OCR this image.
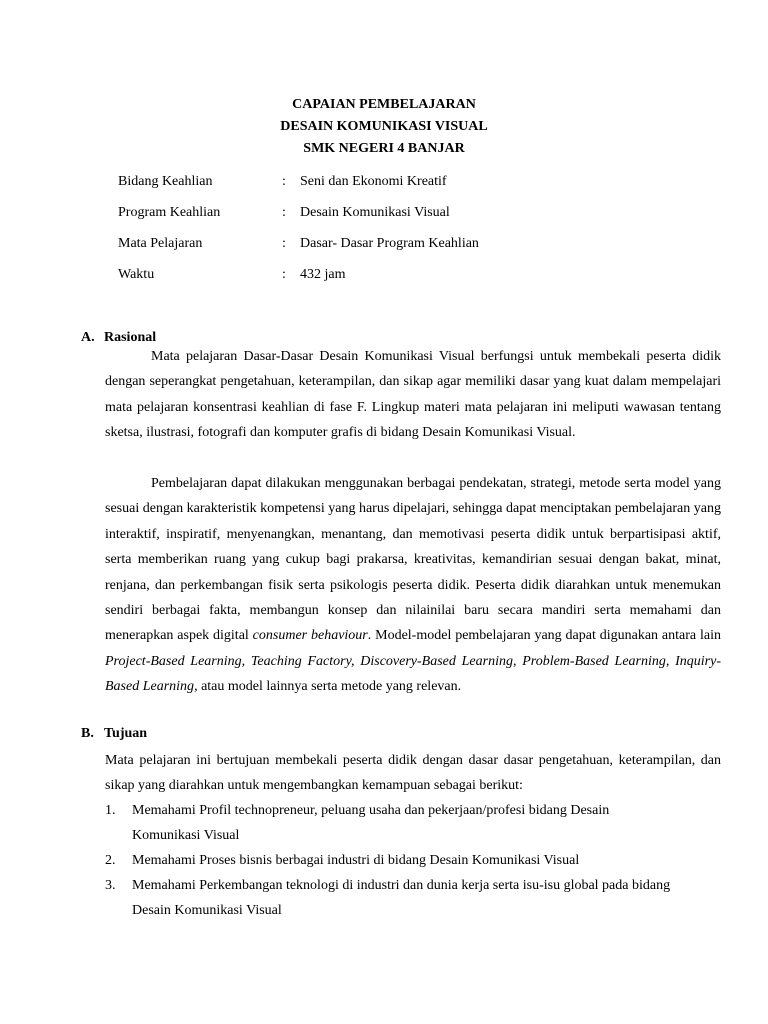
CAPAIAN PEMBELAJARAN
DESAIN KOMUNIKASI VISUAL
SMK NEGERI 4 BANJAR
Bidang Keahlian	: Seni dan Ekonomi Kreatif
Program Keahlian	: Desain Komunikasi Visual
Mata Pelajaran	: Dasar- Dasar Program Keahlian
Waktu	: 432 jam
A. Rasional
Mata pelajaran Dasar-Dasar Desain Komunikasi Visual berfungsi untuk membekali peserta didik dengan seperangkat pengetahuan, keterampilan, dan sikap agar memiliki dasar yang kuat dalam mempelajari mata pelajaran konsentrasi keahlian di fase F. Lingkup materi mata pelajaran ini meliputi wawasan tentang sketsa, ilustrasi, fotografi dan komputer grafis di bidang Desain Komunikasi Visual.
Pembelajaran dapat dilakukan menggunakan berbagai pendekatan, strategi, metode serta model yang sesuai dengan karakteristik kompetensi yang harus dipelajari, sehingga dapat menciptakan pembelajaran yang interaktif, inspiratif, menyenangkan, menantang, dan memotivasi peserta didik untuk berpartisipasi aktif, serta memberikan ruang yang cukup bagi prakarsa, kreativitas, kemandirian sesuai dengan bakat, minat, renjana, dan perkembangan fisik serta psikologis peserta didik. Peserta didik diarahkan untuk menemukan sendiri berbagai fakta, membangun konsep dan nilainilai baru secara mandiri serta memahami dan menerapkan aspek digital consumer behaviour. Model-model pembelajaran yang dapat digunakan antara lain Project-Based Learning, Teaching Factory, Discovery-Based Learning, Problem-Based Learning, Inquiry-Based Learning, atau model lainnya serta metode yang relevan.
B. Tujuan
Mata pelajaran ini bertujuan membekali peserta didik dengan dasar dasar pengetahuan, keterampilan, dan sikap yang diarahkan untuk mengembangkan kemampuan sebagai berikut:
1. Memahami Profil technopreneur, peluang usaha dan pekerjaan/profesi bidang Desain Komunikasi Visual
2. Memahami Proses bisnis berbagai industri di bidang Desain Komunikasi Visual
3. Memahami Perkembangan teknologi di industri dan dunia kerja serta isu-isu global pada bidang Desain Komunikasi Visual
